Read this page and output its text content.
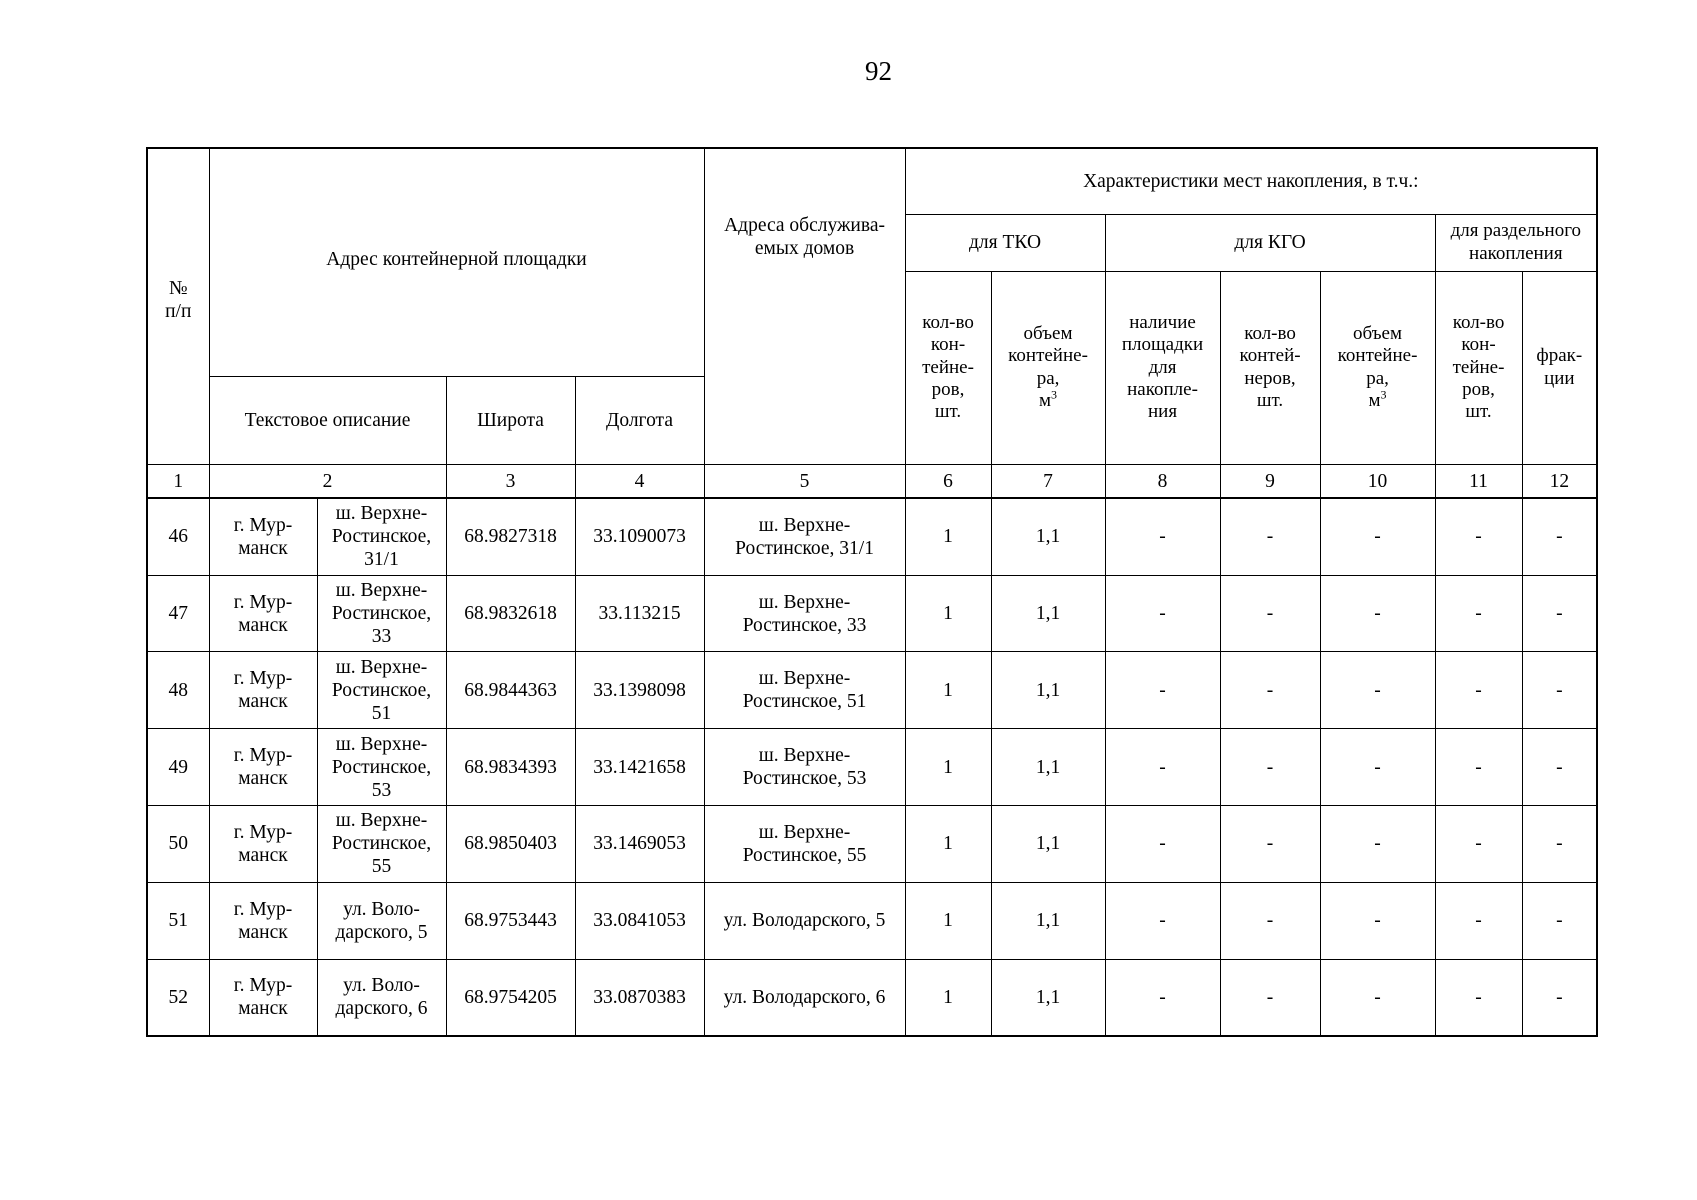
92
№
п/п	Адрес контейнерной площадки				Адреса обслужива-
емых домов	Характеристики мест накопления, в т.ч.:						
						для ТКО		для КГО			для раздельного
накопления	
						кол-во
кон-
тейне-
ров,
шт.	объем
контейне-
ра,
$м^3$	наличие
площадки
для
накопле-
ния	кол-во
контей-
неров,
шт.	объем
контейне-
ра,
$м^3$	кол-во
кон-
тейне-
ров,
шт.	фрак-
ции
	Текстовое описание		Широта	Долгота								
1	2		3	4	5	6	7	8	9	10	11	12
46	г. Мур-
манск	ш. Верхне-
Ростинское,
31/1	68.9827318	33.1090073	ш. Верхне-
Ростинское, 31/1	1	1,1	-	-	-	-	-
47	г. Мур-
манск	ш. Верхне-
Ростинское,
33	68.9832618	33.113215	ш. Верхне-
Ростинское, 33	1	1,1	-	-	-	-	-
48	г. Мур-
манск	ш. Верхне-
Ростинское,
51	68.9844363	33.1398098	ш. Верхне-
Ростинское, 51	1	1,1	-	-	-	-	-
49	г. Мур-
манск	ш. Верхне-
Ростинское,
53	68.9834393	33.1421658	ш. Верхне-
Ростинское, 53	1	1,1	-	-	-	-	-
50	г. Мур-
манск	ш. Верхне-
Ростинское,
55	68.9850403	33.1469053	ш. Верхне-
Ростинское, 55	1	1,1	-	-	-	-	-
51	г. Мур-
манск	ул. Воло-
дарского, 5	68.9753443	33.0841053	ул. Володарского, 5	1	1,1	-	-	-	-	-
52	г. Мур-
манск	ул. Воло-
дарского, 6	68.9754205	33.0870383	ул. Володарского, 6	1	1,1	-	-	-	-	-
